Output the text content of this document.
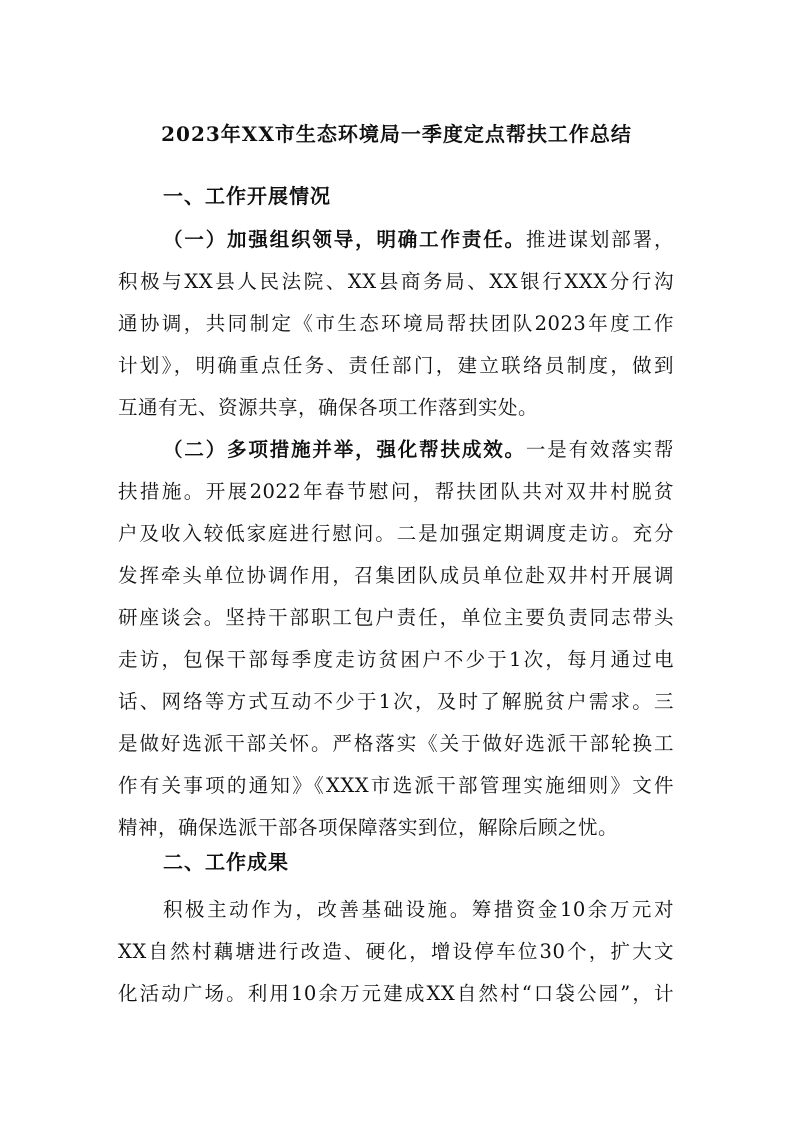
2023年XX市生态环境局一季度定点帮扶工作总结
一、工作开展情况
（一）加强组织领导，明确工作责任。推进谋划部署，
积极与XX县人民法院、XX县商务局、XX银行XXX分行沟
通协调，共同制定《市生态环境局帮扶团队2023年度工作
计划》，明确重点任务、责任部门，建立联络员制度，做到
互通有无、资源共享，确保各项工作落到实处。
（二）多项措施并举，强化帮扶成效。一是有效落实帮
扶措施。开展2022年春节慰问，帮扶团队共对双井村脱贫
户及收入较低家庭进行慰问。二是加强定期调度走访。充分
发挥牵头单位协调作用，召集团队成员单位赴双井村开展调
研座谈会。坚持干部职工包户责任，单位主要负责同志带头
走访，包保干部每季度走访贫困户不少于1次，每月通过电
话、网络等方式互动不少于1次，及时了解脱贫户需求。三
是做好选派干部关怀。严格落实《关于做好选派干部轮换工
作有关事项的通知》《XXX市选派干部管理实施细则》文件
精神，确保选派干部各项保障落实到位，解除后顾之忧。
二、工作成果
积极主动作为，改善基础设施。筹措资金10余万元对
XX自然村藕塘进行改造、硬化，增设停车位30个，扩大文
化活动广场。利用10余万元建成XX自然村“口袋公园”，计
